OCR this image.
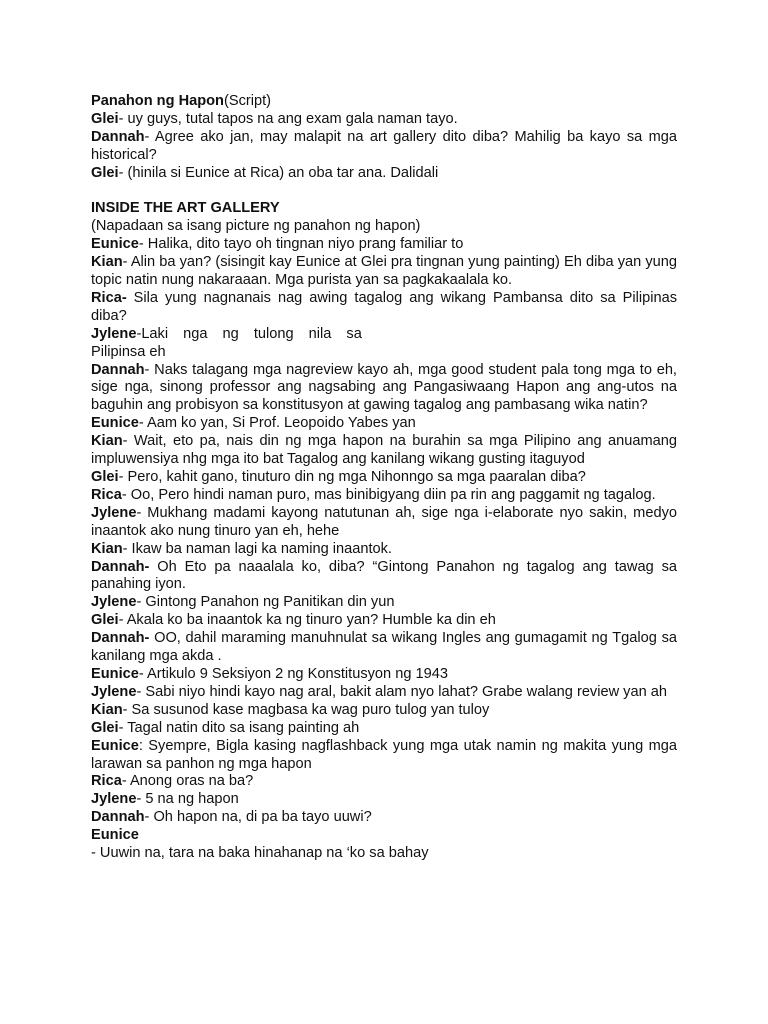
Panahon ng Hapon(Script)
Glei- uy guys, tutal tapos na ang exam gala naman tayo.
Dannah- Agree ako jan, may malapit na art gallery dito diba? Mahilig ba kayo sa mga historical?
Glei- (hinila si Eunice at Rica) an oba tar ana. Dalidali
INSIDE THE ART GALLERY
(Napadaan sa isang picture ng panahon ng hapon)
Eunice- Halika, dito tayo oh tingnan niyo prang familiar to
Kian- Alin ba yan? (sisingit kay Eunice at Glei pra tingnan yung painting) Eh diba yan yung topic natin nung nakaraaan. Mga purista yan sa pagkakaalala ko.
Rica- Sila yung nagnanais nag awing tagalog ang wikang Pambansa dito sa Pilipinas diba?
Jylene-Laki nga ng tulong nila sa
Pilipinsa eh
Dannah- Naks talagang mga nagreview kayo ah, mga good student pala tong mga to eh, sige nga, sinong professor ang nagsabing ang Pangasiwaang Hapon ang ang-utos na baguhin ang probisyon sa konstitusyon at gawing tagalog ang pambasang wika natin?
Eunice- Aam ko yan, Si Prof. Leopoido Yabes yan
Kian- Wait, eto pa, nais din ng mga hapon na burahin sa mga Pilipino ang anuamang impluwensiya nhg mga ito bat Tagalog ang kanilang wikang gusting itaguyod
Glei- Pero, kahit gano, tinuturo din ng mga Nihonngo sa mga paaralan diba?
Rica- Oo, Pero hindi naman puro, mas binibigyang diin pa rin ang paggamit ng tagalog.
Jylene- Mukhang madami kayong natutunan ah, sige nga i-elaborate nyo sakin, medyo inaantok ako nung tinuro yan eh, hehe
Kian- Ikaw ba naman lagi ka naming inaantok.
Dannah- Oh Eto pa naaalala ko, diba? “Gintong Panahon ng tagalog ang tawag sa panahing iyon.
Jylene- Gintong Panahon ng Panitikan din yun
Glei- Akala ko ba inaantok ka ng tinuro yan? Humble ka din eh
Dannah- OO, dahil maraming manuhnulat sa wikang Ingles ang gumagamit ng Tgalog sa kanilang mga akda .
Eunice- Artikulo 9 Seksiyon 2 ng Konstitusyon ng 1943
Jylene- Sabi niyo hindi kayo nag aral, bakit alam nyo lahat? Grabe walang review yan ah
Kian- Sa susunod kase magbasa ka wag puro tulog yan tuloy
Glei- Tagal natin dito sa isang painting ah
Eunice: Syempre, Bigla kasing nagflashback yung mga utak namin ng makita yung mga larawan sa panhon ng mga hapon
Rica- Anong oras na ba?
Jylene- 5 na ng hapon
Dannah- Oh hapon na, di pa ba tayo uuwi?
Eunice
- Uuwin na, tara na baka hinahanap na ‘ko sa bahay
